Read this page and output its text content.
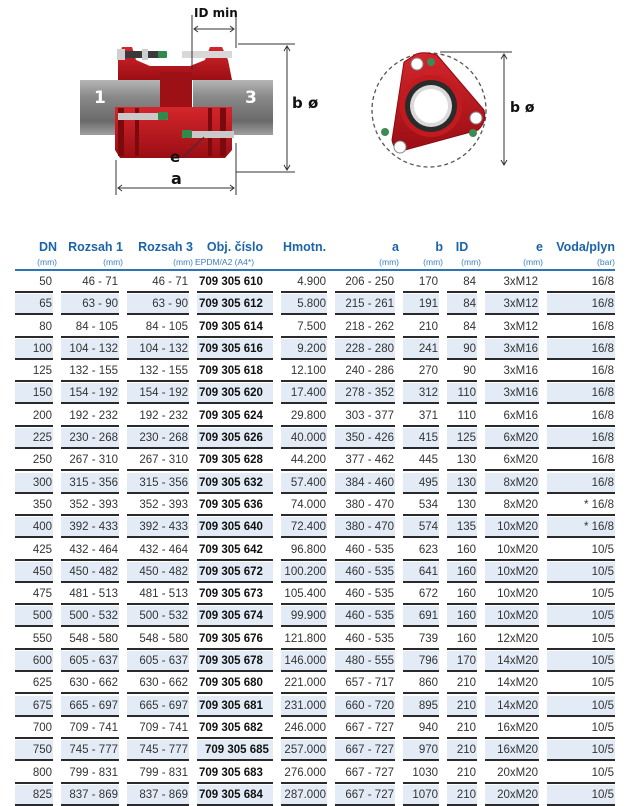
ID min
1	3 b ø
e
a
b ø
DN	Rozsah 1	Rozsah 3	Obj. číslo	Hmotn.	a	b	ID	e	Voda/plyn
(mm)	(mm)	(mm)	EPDM/A2 (A4*)		(mm)	(mm)	(mm)	(mm)	(bar)

50	46 - 71	46 - 71	709 305 610	4.900	206 - 250	170	84	3xM12	16/8

65	63 - 90	63 - 90	709 305 612	5.800	215 - 261	191	84	3xM12	16/8

80	84 - 105	84 - 105	709 305 614	7.500	218 - 262	210	84	3xM12	16/8

100	104 - 132	104 - 132	709 305 616	9.200	228 - 280	241	90	3xM16	16/8

125	132 - 155	132 - 155	709 305 618	12.100	240 - 286	270	90	3xM16	16/8

150	154 - 192	154 - 192	709 305 620	17.400	278 - 352	312	110	3xM16	16/8

200	192 - 232	192 - 232	709 305 624	29.800	303 - 377	371	110	6xM16	16/8

225	230 - 268	230 - 268	709 305 626	40.000	350 - 426	415	125	6xM20	16/8

250	267 - 310	267 - 310	709 305 628	44.200	377 - 462	445	130	6xM20	16/8

300	315 - 356	315 - 356	709 305 632	57.400	384 - 460	495	130	8xM20	16/8

350	352 - 393	352 - 393	709 305 636	74.000	380 - 470	534	130	8xM20	* 16/8

400	392 - 433	392 - 433	709 305 640	72.400	380 - 470	574	135	10xM20	* 16/8

425	432 - 464	432 - 464	709 305 642	96.800	460 - 535	623	160	10xM20	10/5

450	450 - 482	450 - 482	709 305 672	100.200	460 - 535	641	160	10xM20	10/5

475	481 - 513	481 - 513	709 305 673	105.400	460 - 535	672	160	10xM20	10/5

500	500 - 532	500 - 532	709 305 674	99.900	460 - 535	691	160	10xM20	10/5

550	548 - 580	548 - 580	709 305 676	121.800	460 - 535	739	160	12xM20	10/5

600	605 - 637	605 - 637	709 305 678	146.000	480 - 555	796	170	14xM20	10/5

625	630 - 662	630 - 662	709 305 680	221.000	657 - 717	860	210	14xM20	10/5

675	665 - 697	665 - 697	709 305 681	231.000	660 - 720	895	210	14xM20	10/5

700	709 - 741	709 - 741	709 305 682	246.000	667 - 727	940	210	16xM20	10/5

750	745 - 777	745 - 777	709 305 685	257.000	667 - 727	970	210	16xM20	10/5

800	799 - 831	799 - 831	709 305 683	276.000	667 - 727	1030	210	20xM20	10/5

825	837 - 869	837 - 869	709 305 684	287.000	667 - 727	1070	210	20xM20	10/5
